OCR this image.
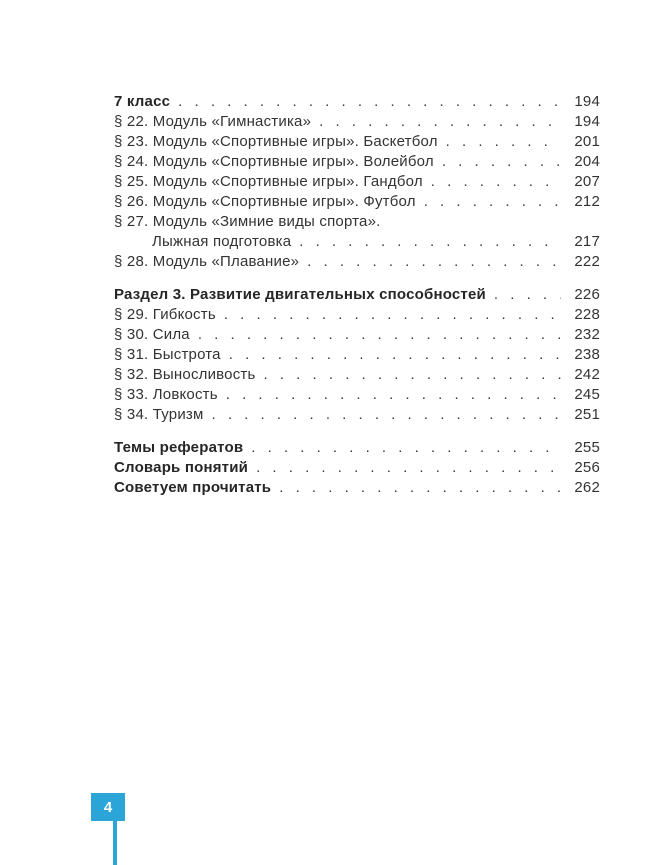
7 класс . . .	194
§ 22. Модуль «Гимнастика» . . .	194
§ 23. Модуль «Спортивные игры». Баскетбол . . .	201
§ 24. Модуль «Спортивные игры». Волейбол . . .	204
§ 25. Модуль «Спортивные игры». Гандбол . . .	207
§ 26. Модуль «Спортивные игры». Футбол . . .	212
§ 27. Модуль «Зимние виды спорта».
Лыжная подготовка . . .	217
§ 28. Модуль «Плавание» . . .	222
Раздел 3. Развитие двигательных способностей . . .	226
§ 29. Гибкость . . .	228
§ 30. Сила . . .	232
§ 31. Быстрота . . .	238
§ 32. Выносливость . . .	242
§ 33. Ловкость . . .	245
§ 34. Туризм . . .	251
Темы рефератов . . .	255
Словарь понятий . . .	256
Советуем прочитать . . .	262
4
